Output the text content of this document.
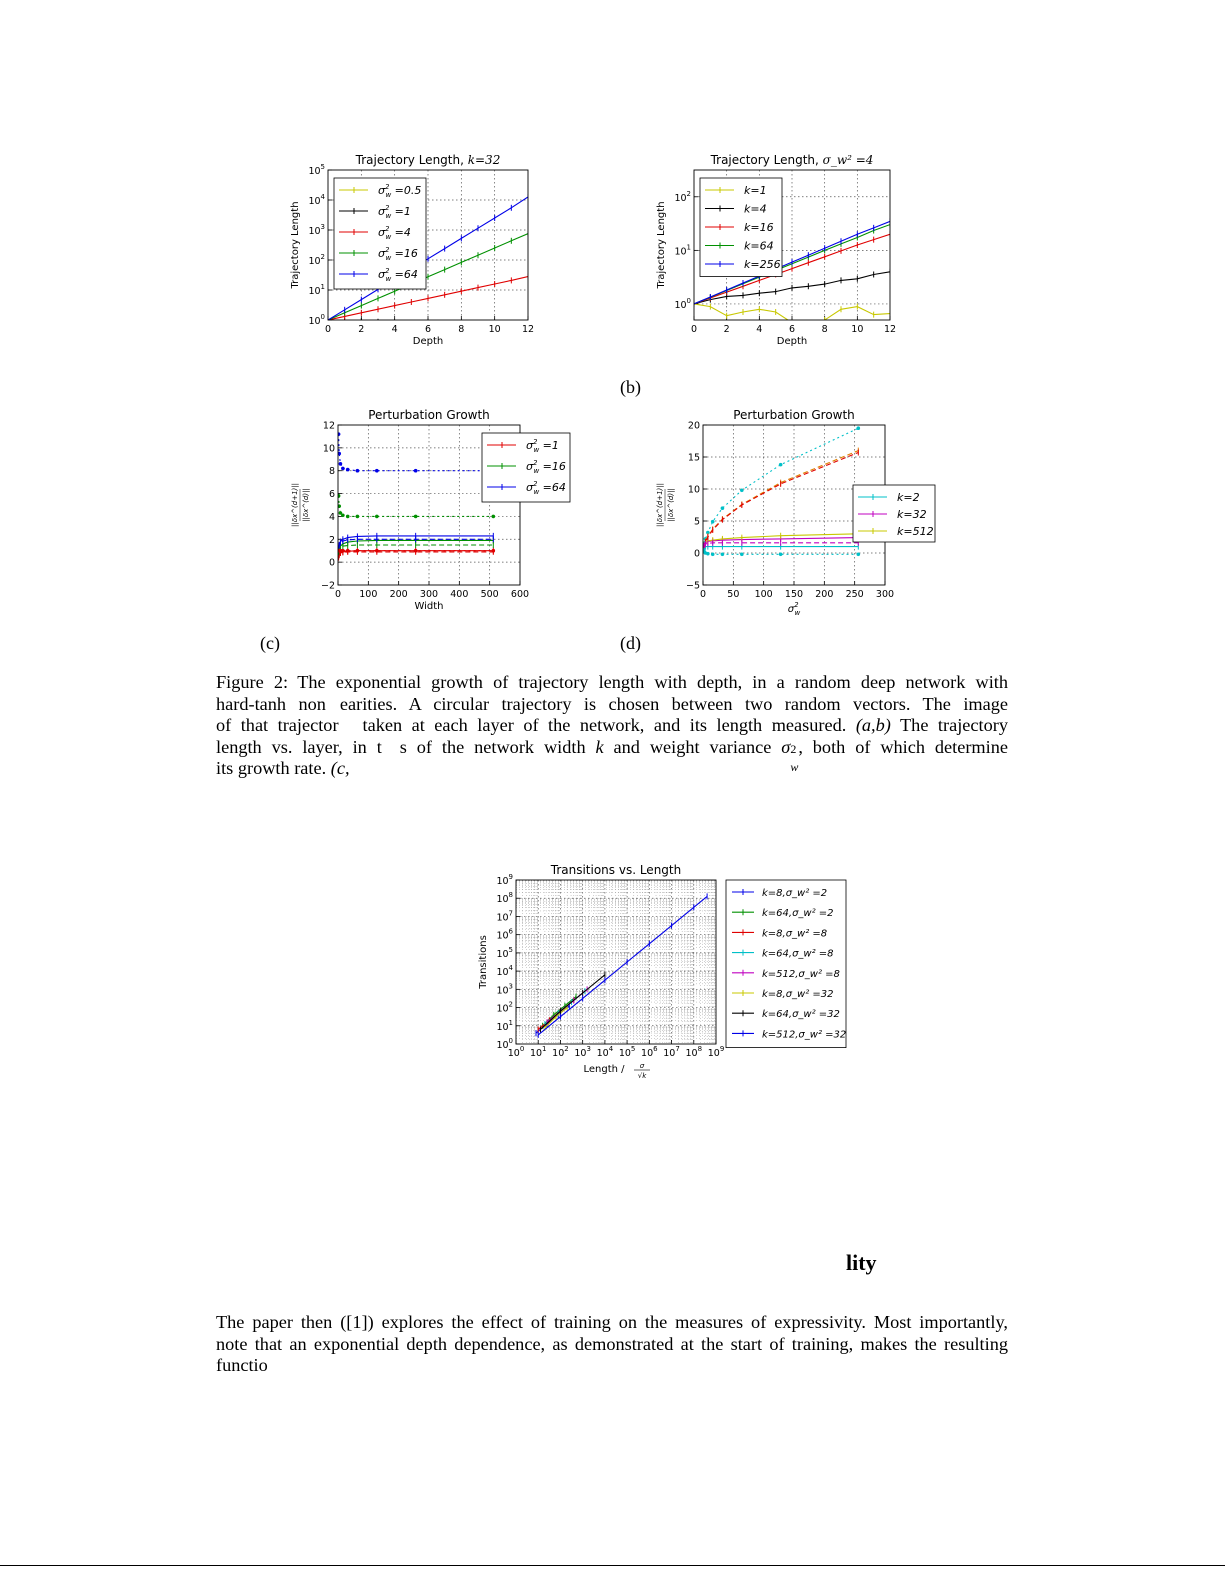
Trajectory Length, k=32
0	2	4	6	8	10 12
$10^0$
$10^1$
$10^2$
$10^3$
$10^4$
$10^5$
Depth
Trajectory Length
$\sigma^2$ w =0.5
$\sigma^2$ w =1
$\sigma^2$ w =4
$\sigma^2$ w =16
$\sigma^2$ w =64
Trajectory Length, σ_w² =4
0	2	4	6	8 10 12
$10^0$
$10^1$
$10^2$
Depth
Trajectory Length
k=1
k=4
k=16
k=64
k=256
(b)
Perturbation Growth
0 100 200 300 400 500 600
−2
0
2
4
6
8
10
12
Width
||δx^(d+1)|| ||δx^(d)||
$\sigma^2$ w =1
$\sigma^2$ w =16
$\sigma^2$ w =64
(c)
Perturbation Growth
0 50 100 150 200 250 300
−5
0
5
10
15
20
$\sigma^2$ w
||δx^(d+1)|| ||δx^(d)||	k=2
k=32
k=512
(d)
Figure 2: The exponential growth of trajectory length with depth, in a random deep network with
hard-tanh non earities. A circular trajectory is chosen between two random vectors. The image
of that trajector taken at each layer of the network, and its length measured. (a,b) The trajectory
length vs. layer, in t s of the network width k and weight variance σ 2
w
, both of which determine
its growth rate. (c,
Transitions vs. Length
$10^0$ $10^1$ $10^2$ $10^3$ $10^4$ $10^5$ $10^6$ $10^7$ $10^8$ $10^9$
$10^0$
$10^1$
$10^2$
$10^3$
$10^4$
$10^5$
$10^6$
$10^7$
$10^8$
$10^9$
Length / σ
√k
Transitions
k=8,σ_w² =2
k=64,σ_w² =2
k=8,σ_w² =8
k=64,σ_w² =8
k=512,σ_w² =8
k=8,σ_w² =32
k=64,σ_w² =32
k=512,σ_w² =32
lity
The paper then ([1]) explores the effect of training on the measures of expressivity. Most importantly,
note that an exponential depth dependence, as demonstrated at the start of training, makes the resulting
functio
